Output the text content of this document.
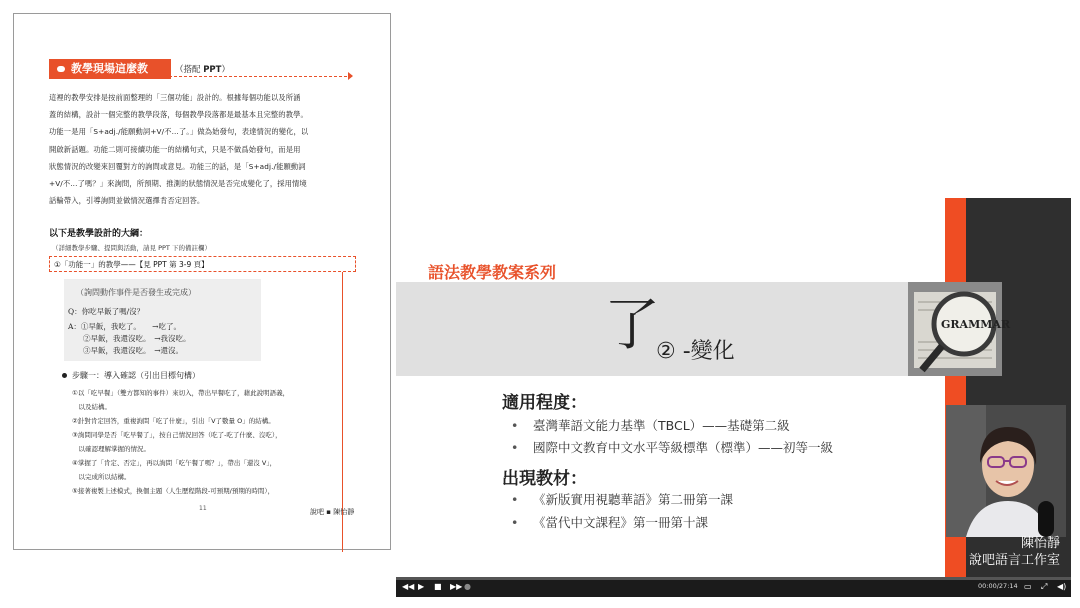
教學現場這麼教	（搭配 PPT）
這裡的教學安排是按前面整理的「三個功能」設計的。根據每個功能以及所涵
蓋的結構，設計一個完整的教學段落，每個教學段落都是最基本且完整的教學。
功能一是用「S+adj./能願動詞+V/不...了。」做為始發句，表達情況的變化，以
開啟新話題。功能二則可接續功能一的結構句式，只是不做爲始發句，而是用
狀態情況的改變來回覆對方的詢問或意見。功能三的話，是「S+adj./能願動詞
+V/不...了嗎？」來詢問，所預期、推測的狀態情況是否完成變化了，採用情境
話輪帶入，引導詢問並做情況選擇肯否定回答。
以下是教學設計的大綱：
（詳細教學步驟、提問與活動，請見 PPT 下的備註欄）
①「功能一」的教學——【見 PPT 第 3-9 頁】
（詢問動作事件是否發生或完成）
Q：你吃早飯了嗎/沒？
A：①早飯，我吃了。　　→吃了。
　　②早飯，我還沒吃。　→我沒吃。
　　③早飯，我還沒吃。　→還沒。
步驟一：導入確認（引出目標句構）
①以「吃早餐」（雙方都知的事件）來切入，帶出早餐吃了，藉此說明語義，
　以及結構。
②針對肯定回答，重複詢問「吃了什麼」，引出「V了數量 O」的結構。
③詢問同學是否「吃早餐了」，按自己情況回答（吃了-吃了什麼、沒吃），
　以確認理解掌握的情況。
④掌握了「肯定、否定」，再以詢問「吃午餐了嗎？」，帶出「還沒 V」，
　以完成所以結構。
⑤接著複製上述模式，換個主題（人生歷程階段-可預期/預期的時間），
11	說吧 ▪ 陳怡靜
語法教學教案系列
了
② -變化
GRAMMAR
適用程度：
• 臺灣華語文能力基準（TBCL）——基礎第二級
• 國際中文教育中文水平等級標準（標準）——初等一級
出現教材：
• 《新版實用視聽華語》第二冊第一課
• 《當代中文課程》第一冊第十課
陳怡靜
說吧語言工作室
◀◀ ▶ ■ ▶▶ ●	00:00/27:14 ▭ ⤢ ◀)
